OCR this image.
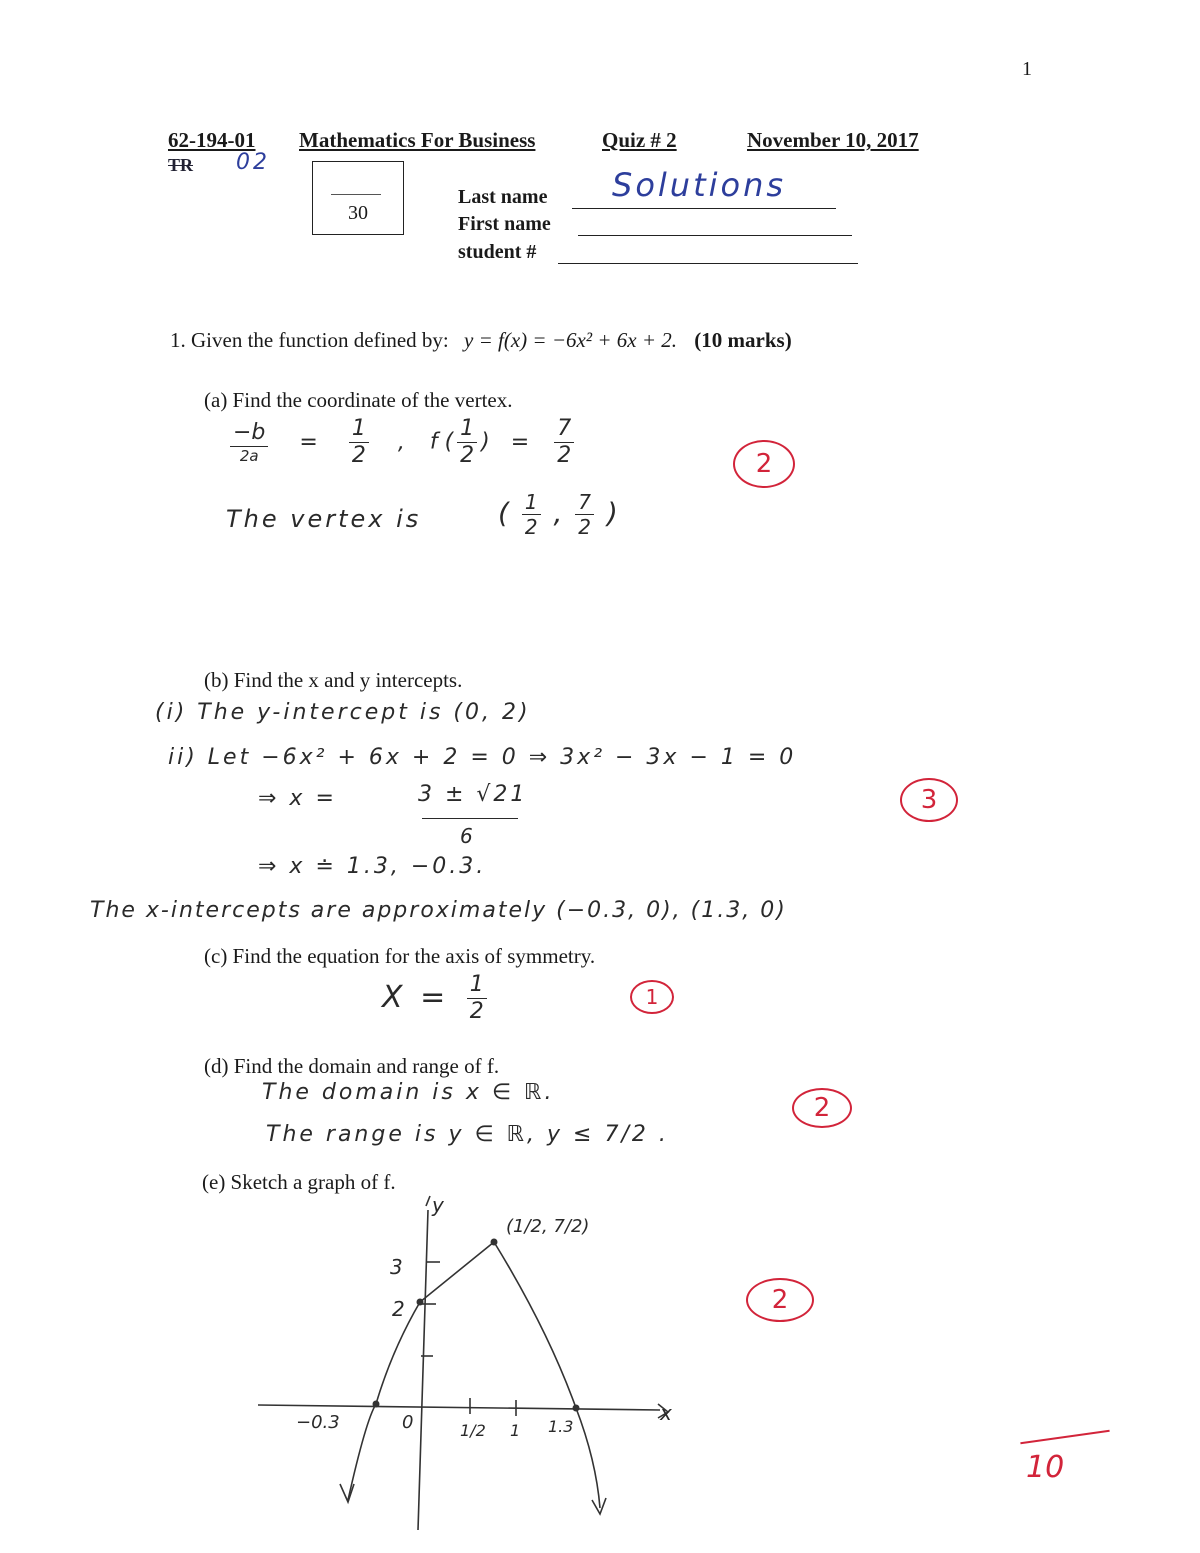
1
62-194-01
TR 02
Mathematics For Business	Quiz # 2	November 10, 2017
30
Last name Solutions
First name
student #
1. Given the function defined by: y = f(x) = −6x² + 6x + 2. (10 marks)
(a) Find the coordinate of the vertex.
−b
2a
= $\frac{1}{2}$ , f ( $\frac{1}{2}$ ) = $\frac{7}{2}$
The vertex is	( $\frac{1}{2}$ , $\frac{7}{2}$ )
2
(b) Find the x and y intercepts.
(i) The y-intercept is (0, 2)
ii) Let −6x² + 6x + 2 = 0 ⇒ 3x² − 3x − 1 = 0
⇒ x =	3 ± √21
6
⇒ x ≐ 1.3, −0.3.
The x-intercepts are approximately (−0.3, 0), (1.3, 0)
3
(c) Find the equation for the axis of symmetry.
$X = \frac{1}{2}$	1
(d) Find the domain and range of f.
The domain is x ∈ ℝ.
The range is y ∈ ℝ, y ≤ 7/2 .
2
(e) Sketch a graph of f.
2
y
x
(1/2, 7/2)
3
2
−0.3	0	1/2 1 1.3
10
